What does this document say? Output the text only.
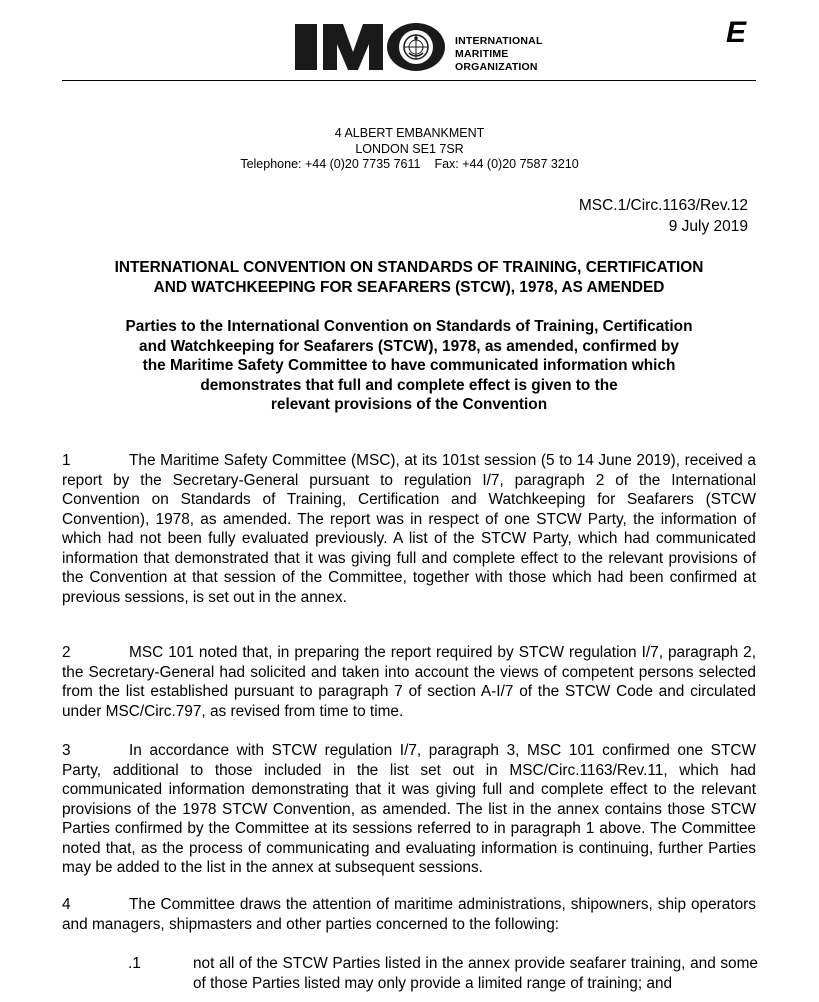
INTERNATIONAL
MARITIME
ORGANIZATION
E
4 ALBERT EMBANKMENT
LONDON SE1 7SR
Telephone: +44 (0)20 7735 7611 Fax: +44 (0)20 7587 3210
MSC.1/Circ.1163/Rev.12
9 July 2019
INTERNATIONAL CONVENTION ON STANDARDS OF TRAINING, CERTIFICATION
AND WATCHKEEPING FOR SEAFARERS (STCW), 1978, AS AMENDED
Parties to the International Convention on Standards of Training, Certification
and Watchkeeping for Seafarers (STCW), 1978, as amended, confirmed by
the Maritime Safety Committee to have communicated information which
demonstrates that full and complete effect is given to the
relevant provisions of the Convention
1	The Maritime Safety Committee (MSC), at its 101st session (5 to 14 June 2019), received a report by the Secretary-General pursuant to regulation I/7, paragraph 2 of the International Convention on Standards of Training, Certification and Watchkeeping for Seafarers (STCW Convention), 1978, as amended. The report was in respect of one STCW Party, the information of which had not been fully evaluated previously. A list of the STCW Party, which had communicated information that demonstrated that it was giving full and complete effect to the relevant provisions of the Convention at that session of the Committee, together with those which had been confirmed at previous sessions, is set out in the annex.
2	MSC 101 noted that, in preparing the report required by STCW regulation I/7, paragraph 2, the Secretary-General had solicited and taken into account the views of competent persons selected from the list established pursuant to paragraph 7 of section A-I/7 of the STCW Code and circulated under MSC/Circ.797, as revised from time to time.
3	In accordance with STCW regulation I/7, paragraph 3, MSC 101 confirmed one STCW Party, additional to those included in the list set out in MSC/Circ.1163/Rev.11, which had communicated information demonstrating that it was giving full and complete effect to the relevant provisions of the 1978 STCW Convention, as amended. The list in the annex contains those STCW Parties confirmed by the Committee at its sessions referred to in paragraph 1 above. The Committee noted that, as the process of communicating and evaluating information is continuing, further Parties may be added to the list in the annex at subsequent sessions.
4	The Committee draws the attention of maritime administrations, shipowners, ship operators and managers, shipmasters and other parties concerned to the following:
.1	not all of the STCW Parties listed in the annex provide seafarer training, and some of those Parties listed may only provide a limited range of training; and
